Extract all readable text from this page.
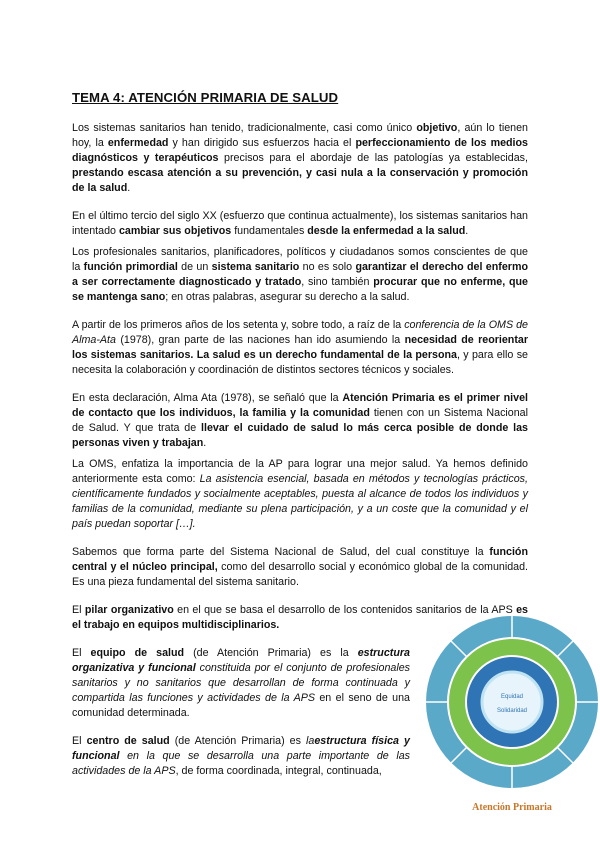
TEMA 4: ATENCIÓN PRIMARIA DE SALUD

Los sistemas sanitarios han tenido, tradicionalmente, casi como único objetivo, aún lo tienen hoy, la enfermedad y han dirigido sus esfuerzos hacia el perfeccionamiento de los medios diagnósticos y terapéuticos precisos para el abordaje de las patologías ya establecidas, prestando escasa atención a su prevención, y casi nula a la conservación y promoción de la salud.

En el último tercio del siglo XX (esfuerzo que continua actualmente), los sistemas sanitarios han intentado cambiar sus objetivos fundamentales desde la enfermedad a la salud.

Los profesionales sanitarios, planificadores, políticos y ciudadanos somos conscientes de que la función primordial de un sistema sanitario no es solo garantizar el derecho del enfermo a ser correctamente diagnosticado y tratado, sino también procurar que no enferme, que se mantenga sano; en otras palabras, asegurar su derecho a la salud.

A partir de los primeros años de los setenta y, sobre todo, a raíz de la conferencia de la OMS de Alma-Ata (1978), gran parte de las naciones han ido asumiendo la necesidad de reorientar los sistemas sanitarios. La salud es un derecho fundamental de la persona, y para ello se necesita la colaboración y coordinación de distintos sectores técnicos y sociales.

En esta declaración, Alma Ata (1978), se señaló que la Atención Primaria es el primer nivel de contacto que los individuos, la familia y la comunidad tienen con un Sistema Nacional de Salud. Y que trata de llevar el cuidado de salud lo más cerca posible de donde las personas viven y trabajan.

La OMS, enfatiza la importancia de la AP para lograr una mejor salud. Ya hemos definido anteriormente esta como: La asistencia esencial, basada en métodos y tecnologías prácticos, científicamente fundados y socialmente aceptables, puesta al alcance de todos los individuos y familias de la comunidad, mediante su plena participación, y a un coste que la comunidad y el país puedan soportar […].

Sabemos que forma parte del Sistema Nacional de Salud, del cual constituye la función central y el núcleo principal, como del desarrollo social y económico global de la comunidad. Es una pieza fundamental del sistema sanitario.

El pilar organizativo en el que se basa el desarrollo de los contenidos sanitarios de la APS es el trabajo en equipos multidisciplinarios.

El equipo de salud (de Atención Primaria) es la estructura organizativa y funcional constituida por el conjunto de profesionales sanitarios y no sanitarios que desarrollan de forma continuada y compartida las funciones y actividades de la APS en el seno de una comunidad determinada.

El centro de salud (de Atención Primaria) es laestructura física y funcional en la que se desarrolla una parte importante de las actividades de la APS, de forma coordinada, integral, continuada,

Equidad
Solidaridad
Atención Primaria
